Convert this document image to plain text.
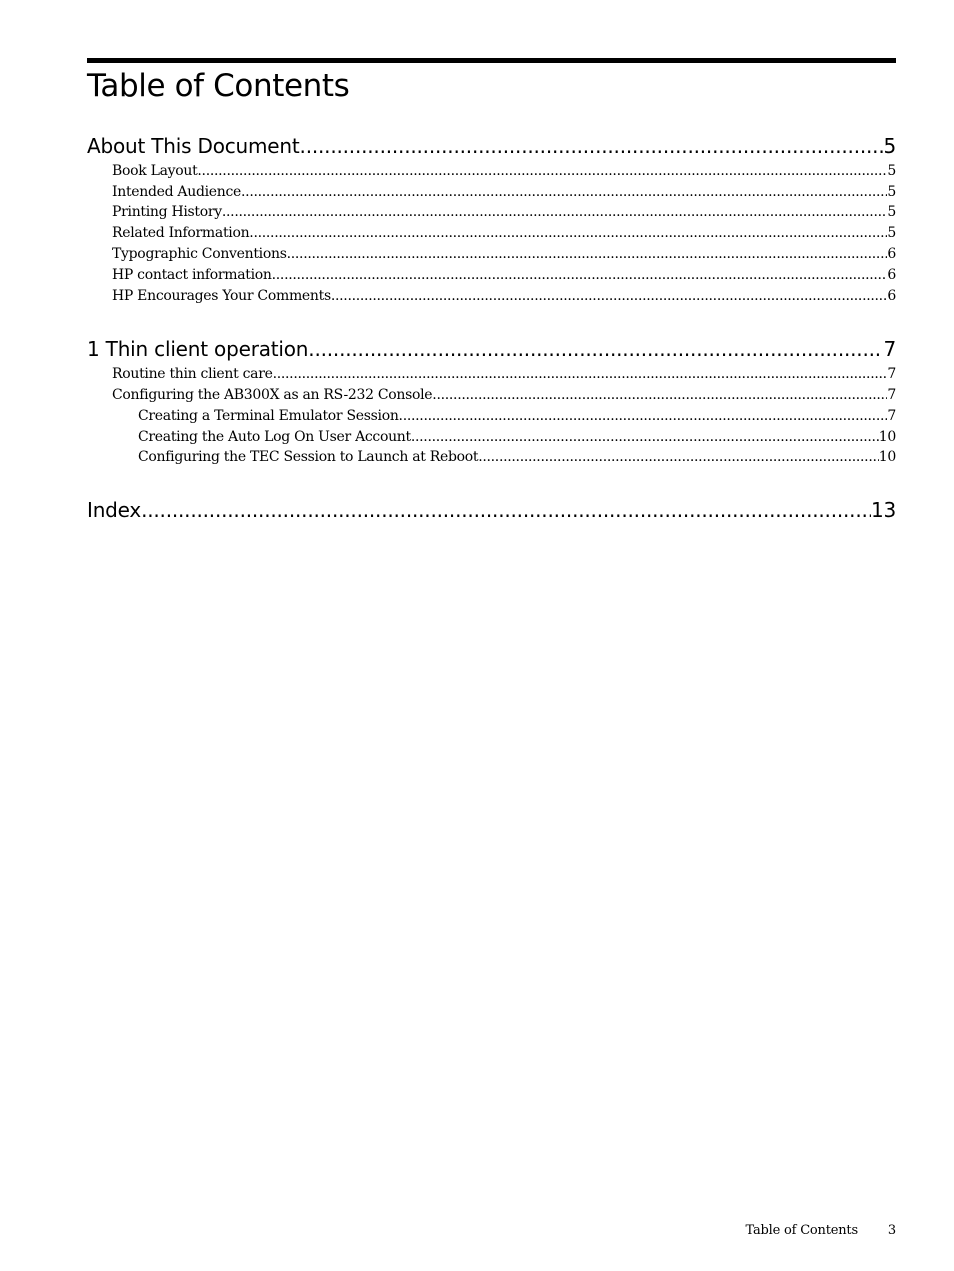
Table of Contents
About This Document .....	5
Book Layout .....	5
Intended Audience .....	5
Printing History .....	5
Related Information .....	5
Typographic Conventions .....	6
HP contact information .....	6
HP Encourages Your Comments .....	6
1 Thin client operation .....	7
Routine thin client care .....	7
Configuring the AB300X as an RS-232 Console .....	7
Creating a Terminal Emulator Session .....	7
Creating the Auto Log On User Account .....	10
Configuring the TEC Session to Launch at Reboot .....	10
Index .....	13
Table of Contents 3
